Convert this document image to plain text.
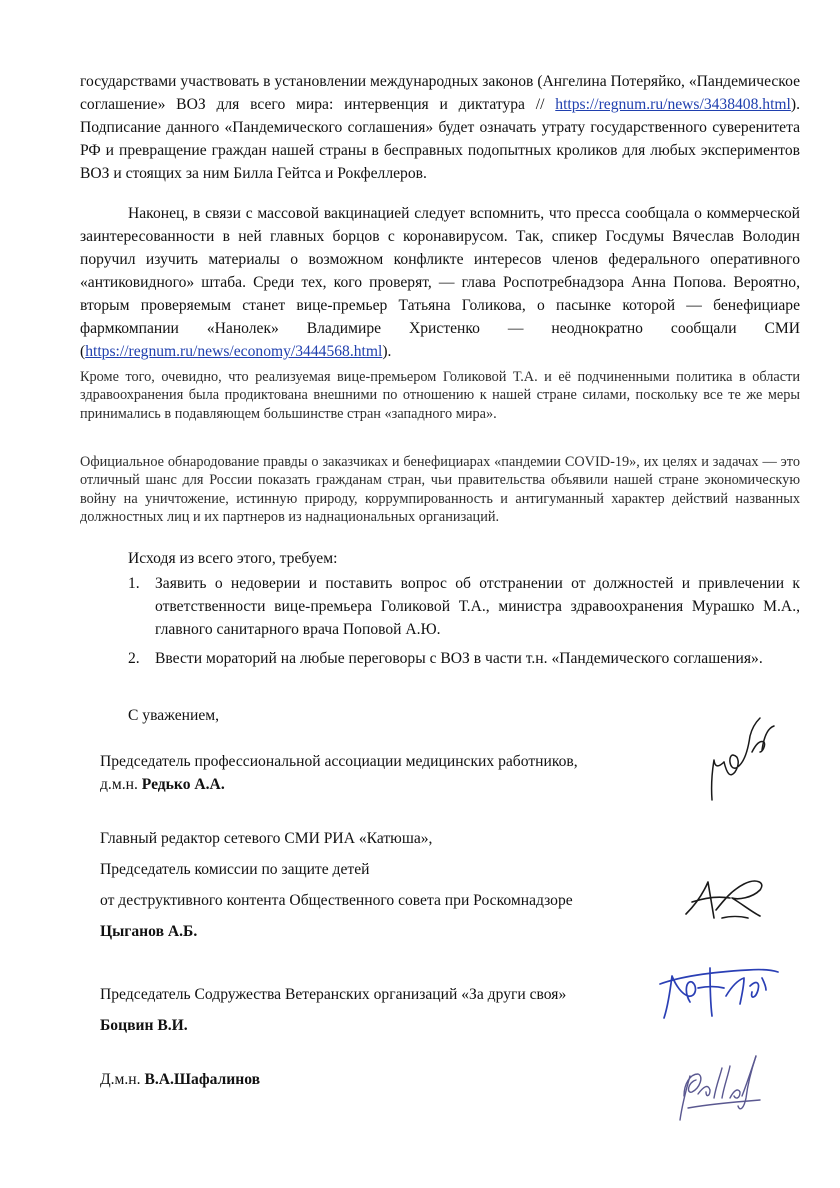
государствами участвовать в установлении международных законов (Ангелина Потеряйко, «Пандемическое соглашение» ВОЗ для всего мира: интервенция и диктатура // https://regnum.ru/news/3438408.html). Подписание данного «Пандемического соглашения» будет означать утрату государственного суверенитета РФ и превращение граждан нашей страны в бесправных подопытных кроликов для любых экспериментов ВОЗ и стоящих за ним Билла Гейтса и Рокфеллеров.

Наконец, в связи с массовой вакцинацией следует вспомнить, что пресса сообщала о коммерческой заинтересованности в ней главных борцов с коронавирусом. Так, спикер Госдумы Вячеслав Володин поручил изучить материалы о возможном конфликте интересов членов федерального оперативного «антиковидного» штаба. Среди тех, кого проверят, — глава Роспотребнадзора Анна Попова. Вероятно, вторым проверяемым станет вице-премьер Татьяна Голикова, о пасынке которой — бенефициаре фармкомпании «Нанолек» Владимире Христенко — неоднократно сообщали СМИ (https://regnum.ru/news/economy/3444568.html).

Кроме того, очевидно, что реализуемая вице-премьером Голиковой Т.А. и её подчиненными политика в области здравоохранения была продиктована внешними по отношению к нашей стране силами, поскольку все те же меры принимались в подавляющем большинстве стран «западного мира».

Официальное обнародование правды о заказчиках и бенефициарах «пандемии COVID-19», их целях и задачах — это отличный шанс для России показать гражданам стран, чьи правительства объявили нашей стране экономическую войну на уничтожение, истинную природу, коррумпированность и антигуманный характер действий названных должностных лиц и их партнеров из наднациональных организаций.

Исходя из всего этого, требуем:

1. Заявить о недоверии и поставить вопрос об отстранении от должностей и привлечении к ответственности вице-премьера Голиковой Т.А., министра здравоохранения Мурашко М.А., главного санитарного врача Поповой А.Ю.
2. Ввести мораторий на любые переговоры с ВОЗ в части т.н. «Пандемического соглашения».

С уважением,

Председатель профессиональной ассоциации медицинских работников,

д.м.н. Редько А.А.

Главный редактор сетевого СМИ РИА «Катюша»,

Председатель комиссии по защите детей

от деструктивного контента Общественного совета при Роскомнадзоре

Цыганов А.Б.

Председатель Содружества Ветеранских организаций «За други своя»

Боцвин В.И.

Д.м.н. В.А.Шафалинов
